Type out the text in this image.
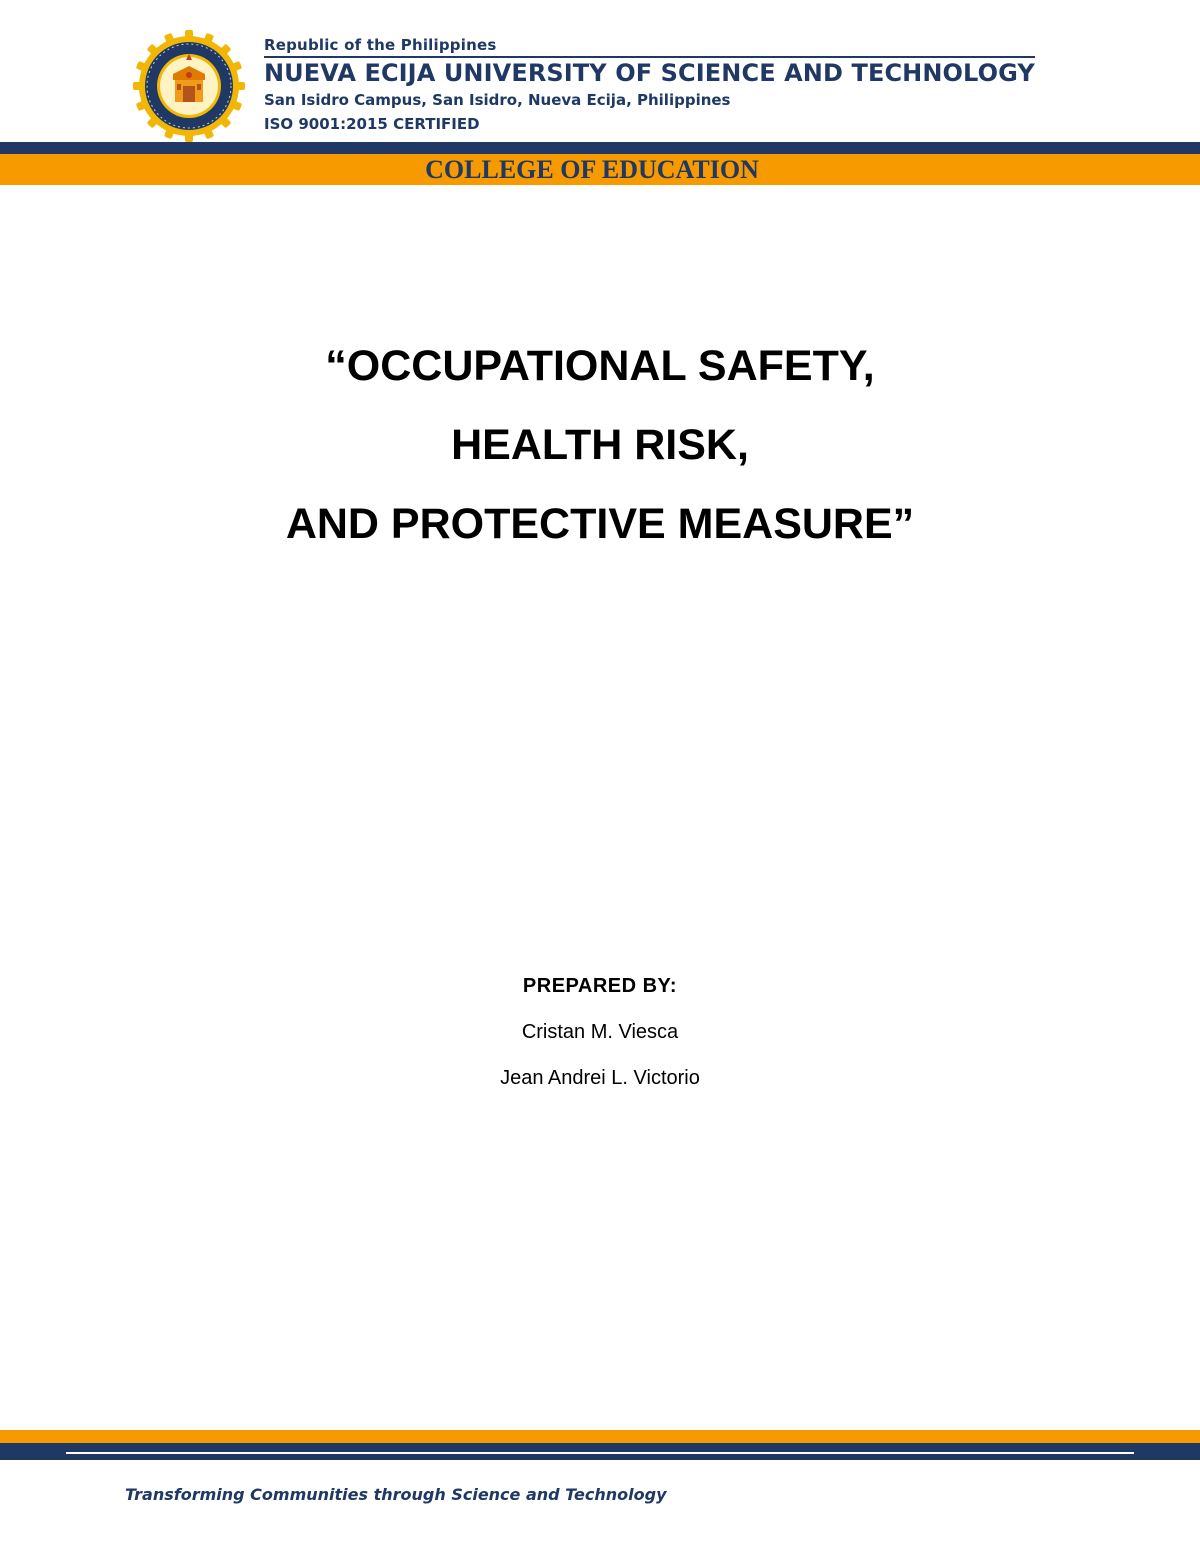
Republic of the Philippines
NUEVA ECIJA UNIVERSITY OF SCIENCE AND TECHNOLOGY
San Isidro Campus, San Isidro, Nueva Ecija, Philippines
ISO 9001:2015 CERTIFIED
COLLEGE OF EDUCATION
“OCCUPATIONAL SAFETY,
HEALTH RISK,
AND PROTECTIVE MEASURE”
PREPARED BY:
Cristan M. Viesca
Jean Andrei L. Victorio
Transforming Communities through Science and Technology
